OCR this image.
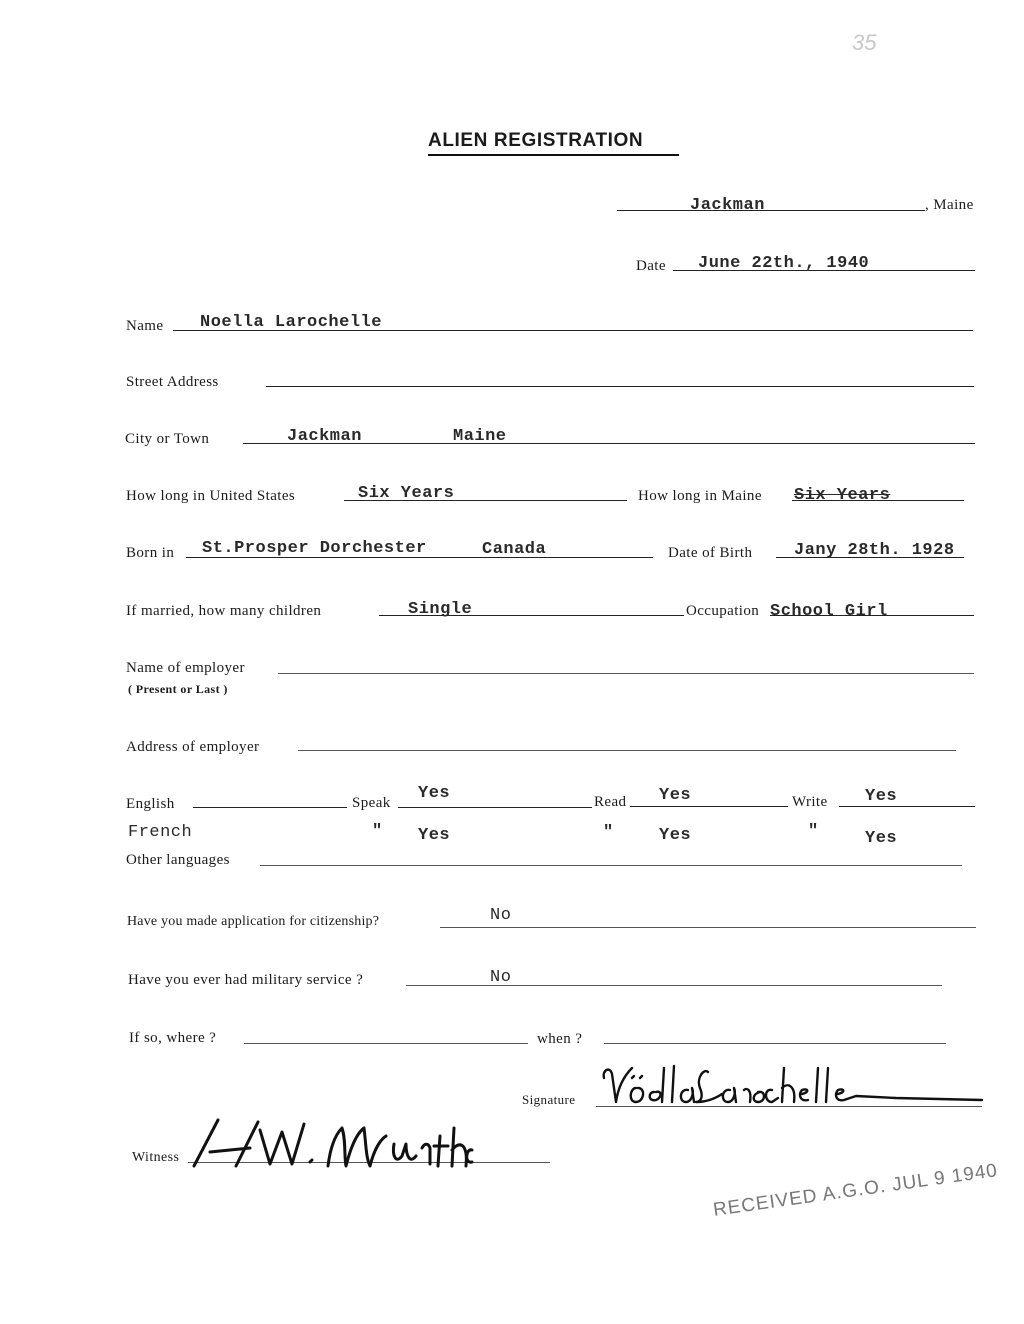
35
ALIEN REGISTRATION
Jackman	, Maine
Date June 22th., 1940
Name Noella Larochelle
Street Address
City or Town	Jackman	Maine
How long in United States	Six Years	How long in Maine Six Years
Born in St.Prosper Dorchester	Canada	Date of Birth Jany 28th. 1928
If married, how many children	Single	Occupation School Girl
Name of employer
( Present or Last )
Address of employer
English	Speak Yes	Read Yes	Write Yes
French	" Yes	"	Yes	"	Yes
Other languages
Have you made application for citizenship?	No
Have you ever had military service ?	No
If so, where ?	when ?
Signature
Witness
RECEIVED A.G.O. JUL 9 1940
